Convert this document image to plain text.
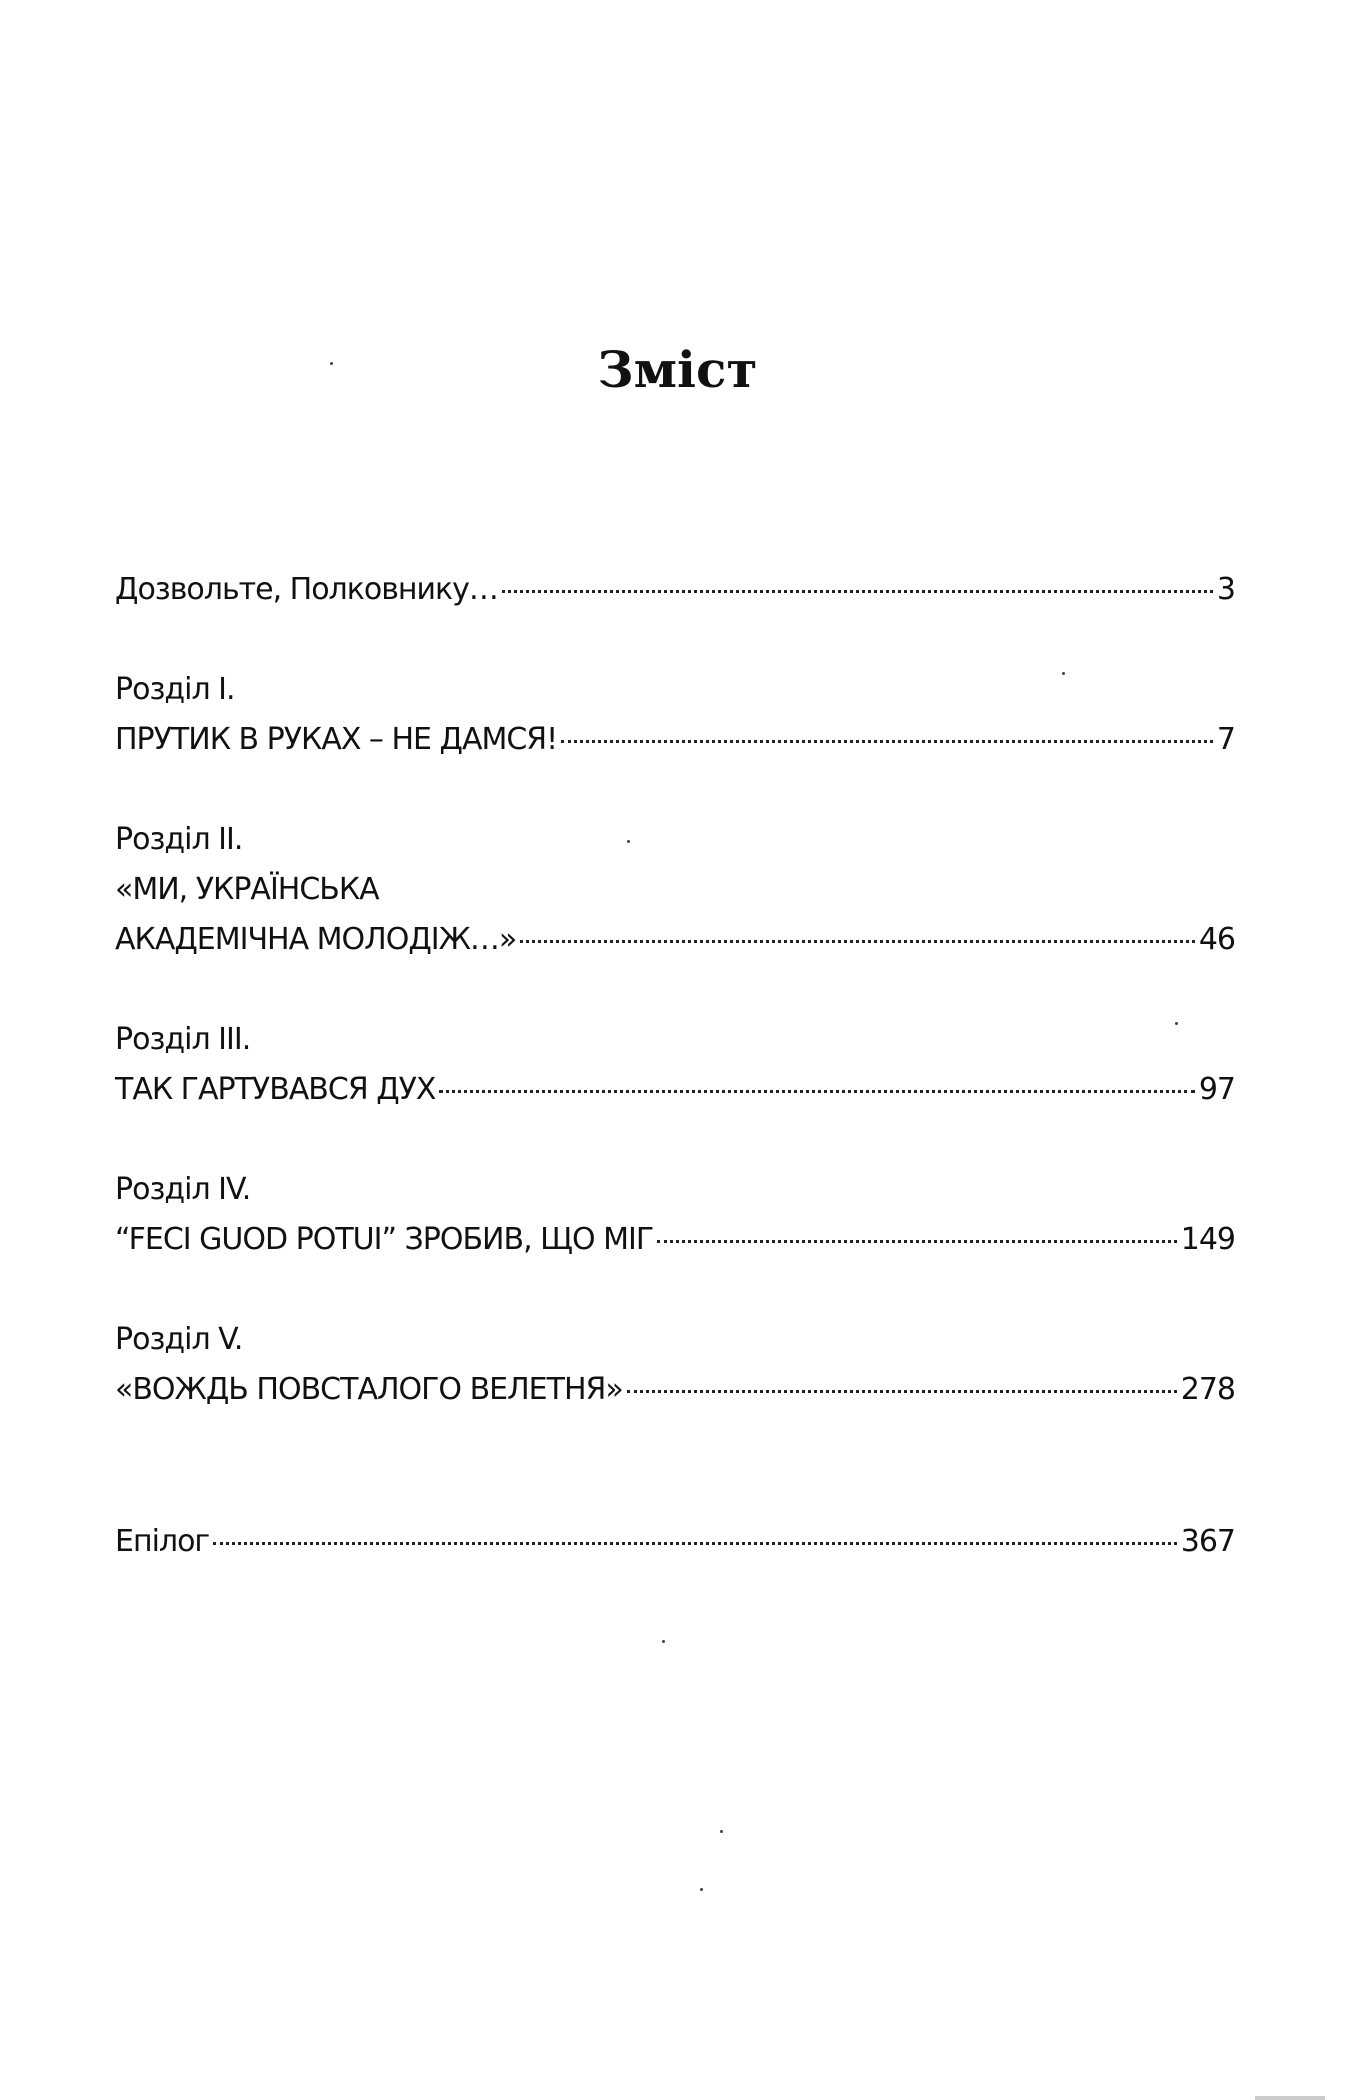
Зміст
Дозвольте, Полковнику…	3
Розділ I.
ПРУТИК В РУКАХ – НЕ ДАМСЯ!	7
Розділ II.
«МИ, УКРАЇНСЬКА
АКАДЕМІЧНА МОЛОДІЖ…»	46
Розділ III.
ТАК ГАРТУВАВСЯ ДУХ	97
Розділ IV.
“FECI GUOD POTUI” ЗРОБИВ, ЩО МІГ	149
Розділ V.
«ВОЖДЬ ПОВСТАЛОГО ВЕЛЕТНЯ»	278
Епілог	367
